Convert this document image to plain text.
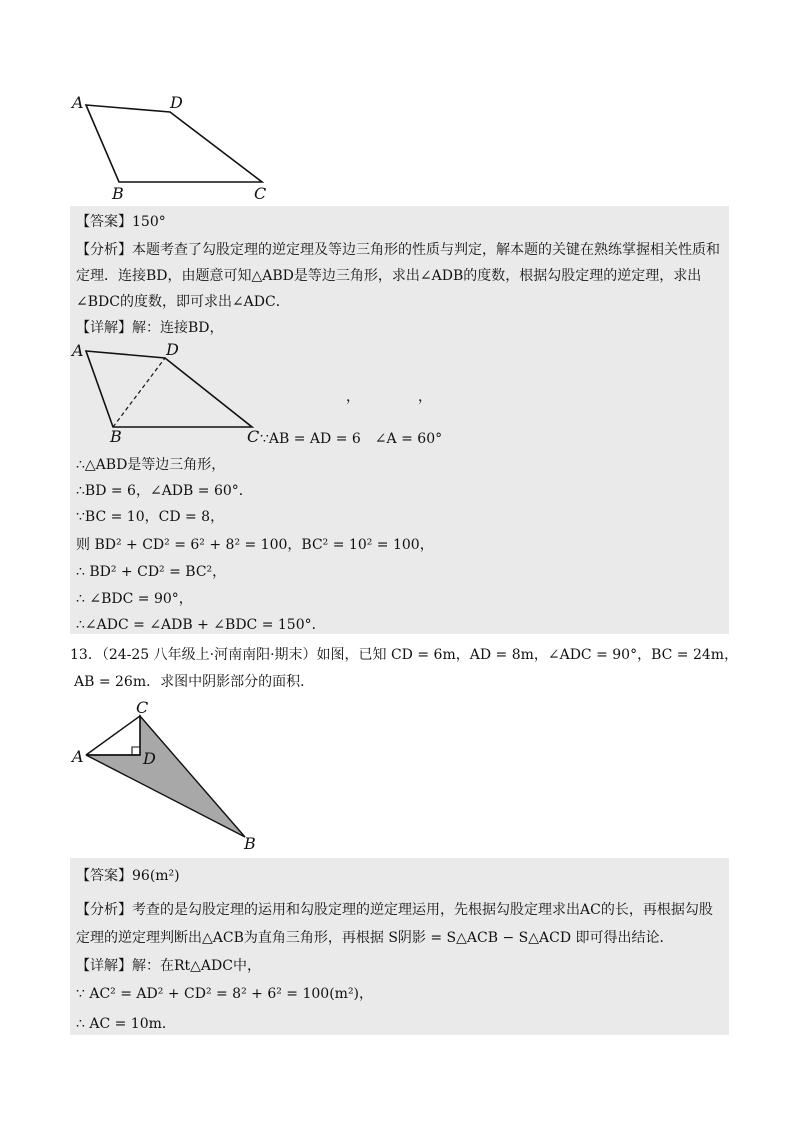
A	D
B	C
【答案】150°
【分析】本题考查了勾股定理的逆定理及等边三角形的性质与判定，解本题的关键在熟练掌握相关性质和
定理．连接BD，由题意可知△ABD是等边三角形，求出∠ADB的度数，根据勾股定理的逆定理，求出
∠BDC的度数，即可求出∠ADC．
【详解】解：连接BD，
A	D
B	C
，	，
∵AB = AD = 6　∠A = 60°
∴△ABD是等边三角形，
∴BD = 6，∠ADB = 60°．
∵BC = 10，CD = 8，
则 BD² + CD² = 6² + 8² = 100，BC² = 10² = 100，
∴ BD² + CD² = BC²，
∴ ∠BDC = 90°，
∴∠ADC = ∠ADB + ∠BDC = 150°．
13．（24-25 八年级上·河南南阳·期末）如图，已知 CD = 6m，AD = 8m，∠ADC = 90°，BC = 24m，
AB = 26m．求图中阴影部分的面积．
C
A	D
B
【答案】96(m²)
【分析】考查的是勾股定理的运用和勾股定理的逆定理运用，先根据勾股定理求出AC的长，再根据勾股
定理的逆定理判断出△ACB为直角三角形，再根据 S阴影 = S△ACB − S△ACD 即可得出结论．
【详解】解：在Rt△ADC中，
∵ AC² = AD² + CD² = 8² + 6² = 100(m²)，
∴ AC = 10m．
